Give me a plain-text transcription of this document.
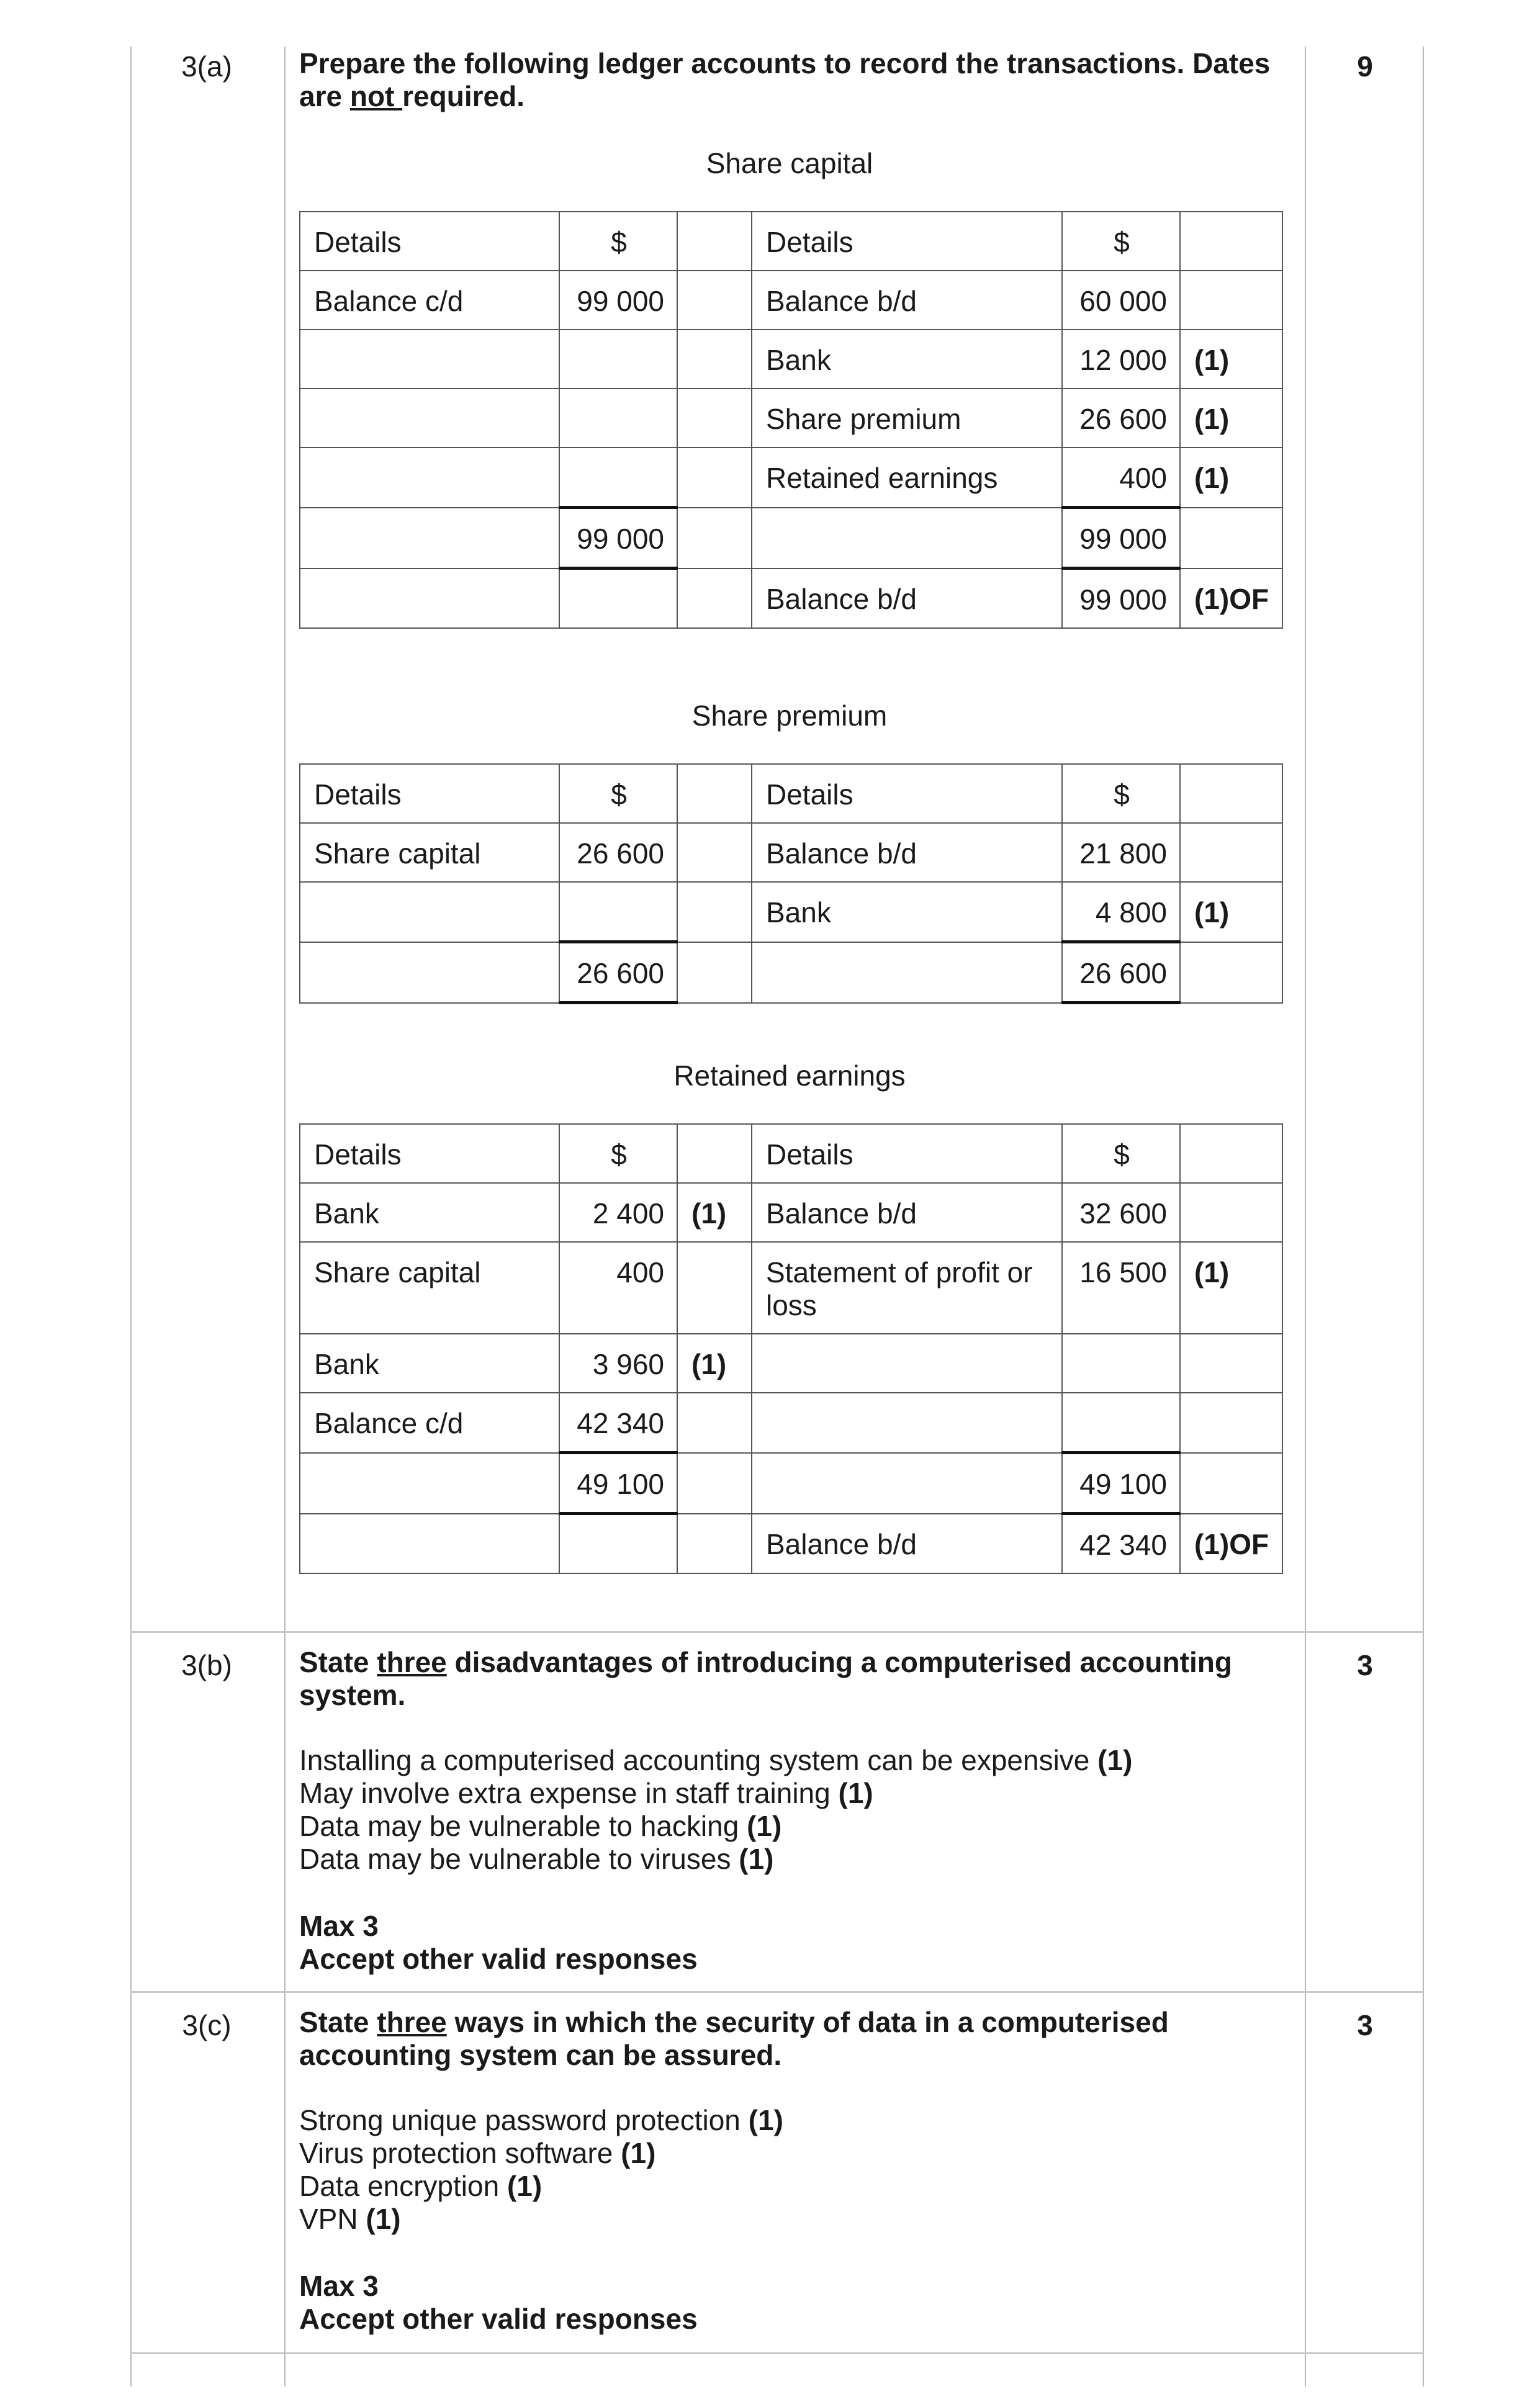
3(a)	9
Prepare the following ledger accounts to record the transactions. Dates are not required.
Share capital
Details	$		Details	$	
Balance c/d	99 000		Balance b/d	60 000	
			Bank	12 000	(1)
			Share premium	26 600	(1)
			Retained earnings	400	(1)
	99 000			99 000	
			Balance b/d	99 000	(1)OF
Share premium
Details	$		Details	$	
Share capital	26 600		Balance b/d	21 800	
			Bank	4 800	(1)
	26 600			26 600	
Retained earnings
Details	$		Details	$	
Bank	2 400	(1)	Balance b/d	32 600	
Share capital	400		Statement of profit or loss	16 500	(1)
Bank	3 960	(1)			
Balance c/d	42 340				
	49 100			49 100	
			Balance b/d	42 340	(1)OF
3(b)	3
State three disadvantages of introducing a computerised accounting system.
Installing a computerised accounting system can be expensive (1)
May involve extra expense in staff training (1)
Data may be vulnerable to hacking (1)
Data may be vulnerable to viruses (1)
Max 3
Accept other valid responses
3(c)	3
State three ways in which the security of data in a computerised accounting system can be assured.
Strong unique password protection (1)
Virus protection software (1)
Data encryption (1)
VPN (1)
Max 3
Accept other valid responses
